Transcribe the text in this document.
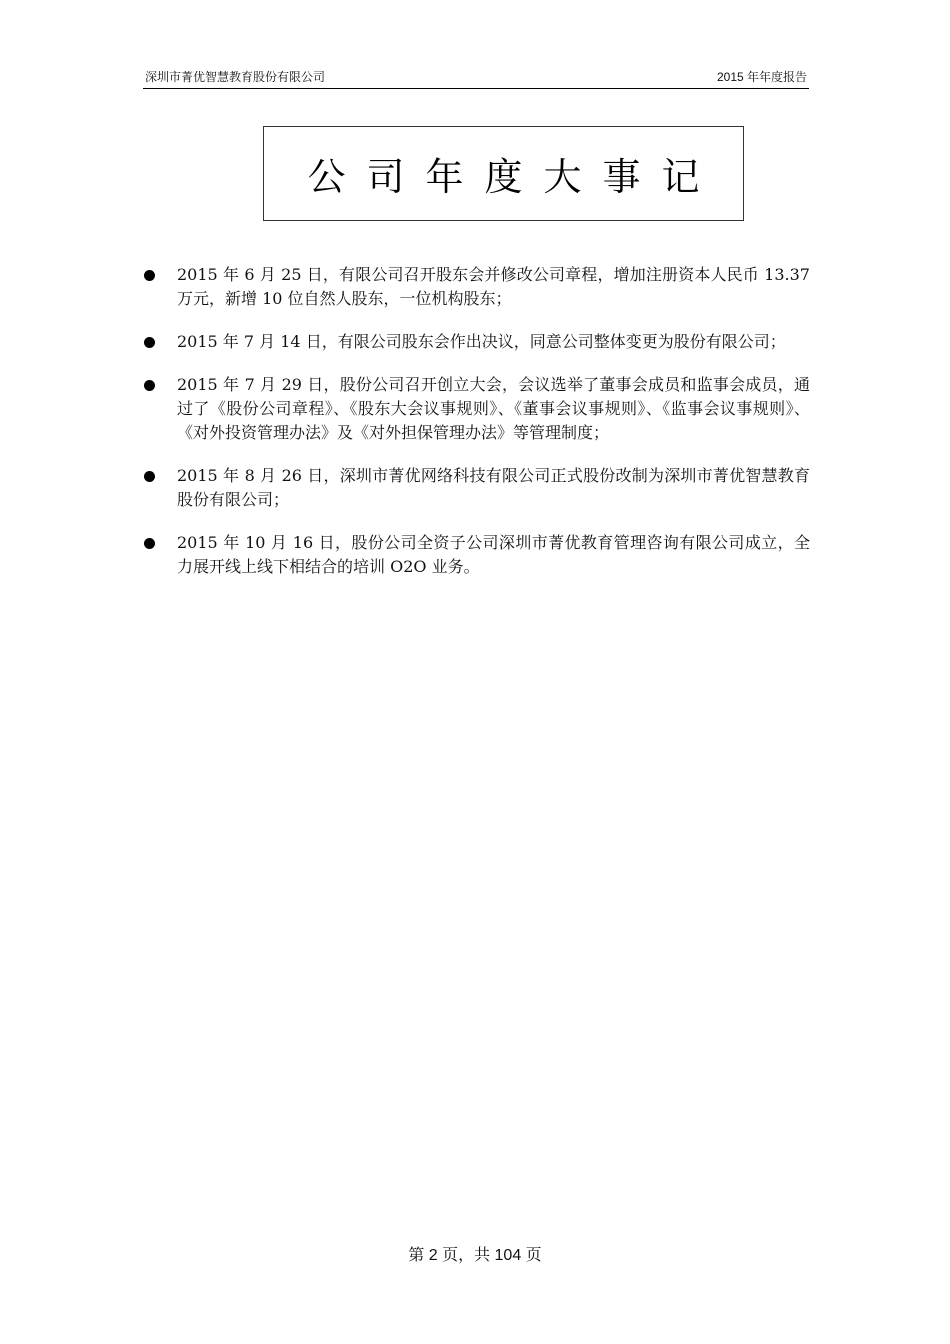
深圳市菁优智慧教育股份有限公司	2015 年年度报告
公司年度大事记
2015 年 6 月 25 日，有限公司召开股东会并修改公司章程，增加注册资本人民币 13.37 万元，新增 10 位自然人股东，一位机构股东；
2015 年 7 月 14 日，有限公司股东会作出决议，同意公司整体变更为股份有限公司；
2015 年 7 月 29 日，股份公司召开创立大会，会议选举了董事会成员和监事会成员，通过了《股份公司章程》、《股东大会议事规则》、《董事会议事规则》、《监事会议事规则》、《对外投资管理办法》及《对外担保管理办法》等管理制度；
2015 年 8 月 26 日，深圳市菁优网络科技有限公司正式股份改制为深圳市菁优智慧教育股份有限公司；
2015 年 10 月 16 日，股份公司全资子公司深圳市菁优教育管理咨询有限公司成立，全力展开线上线下相结合的培训 O2O 业务。
第 2 页，共 104 页
